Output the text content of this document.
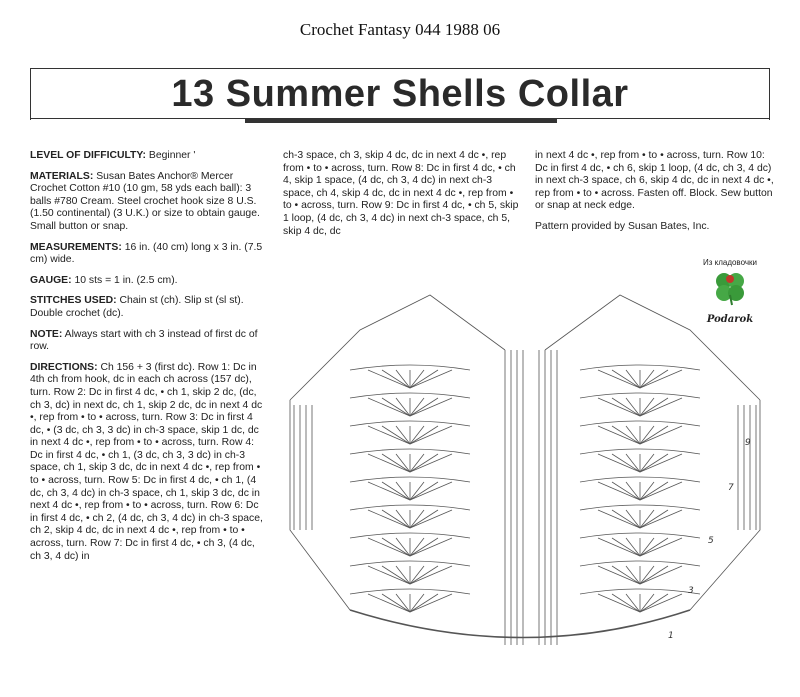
Crochet Fantasy 044 1988 06
13 Summer Shells Collar

LEVEL OF DIFFICULTY: Beginner '

MATERIALS: Susan Bates Anchor® Mercer Crochet Cotton #10 (10 gm, 58 yds each ball): 3 balls #780 Cream. Steel crochet hook size 8 U.S. (1.50 continental) (3 U.K.) or size to obtain gauge. Small button or snap.

MEASUREMENTS: 16 in. (40 cm) long x 3 in. (7.5 cm) wide.

GAUGE: 10 sts = 1 in. (2.5 cm).

STITCHES USED: Chain st (ch). Slip st (sl st). Double crochet (dc).

NOTE: Always start with ch 3 instead of first dc of row.

DIRECTIONS: Ch 156 + 3 (first dc). Row 1: Dc in 4th ch from hook, dc in each ch across (157 dc), turn. Row 2: Dc in first 4 dc, • ch 1, skip 2 dc, (dc, ch 3, dc) in next dc, ch 1, skip 2 dc, dc in next 4 dc •, rep from • to • across, turn. Row 3: Dc in first 4 dc, • (3 dc, ch 3, 3 dc) in ch-3 space, skip 1 dc, dc in next 4 dc •, rep from • to • across, turn. Row 4: Dc in first 4 dc, • ch 1, (3 dc, ch 3, 3 dc) in ch-3 space, ch 1, skip 3 dc, dc in next 4 dc •, rep from • to • across, turn. Row 5: Dc in first 4 dc, • ch 1, (4 dc, ch 3, 4 dc) in ch-3 space, ch 1, skip 3 dc, dc in next 4 dc •, rep from • to • across, turn. Row 6: Dc in first 4 dc, • ch 2, (4 dc, ch 3, 4 dc) in ch-3 space, ch 2, skip 4 dc, dc in next 4 dc •, rep from • to • across, turn. Row 7: Dc in first 4 dc, • ch 3, (4 dc, ch 3, 4 dc) in

ch-3 space, ch 3, skip 4 dc, dc in next 4 dc •, rep from • to • across, turn. Row 8: Dc in first 4 dc, • ch 4, skip 1 space, (4 dc, ch 3, 4 dc) in next ch-3 space, ch 4, skip 4 dc, dc in next 4 dc •, rep from • to • across, turn. Row 9: Dc in first 4 dc, • ch 5, skip 1 loop, (4 dc, ch 3, 4 dc) in next ch-3 space, ch 5, skip 4 dc, dc

in next 4 dc •, rep from • to • across, turn. Row 10: Dc in first 4 dc, • ch 6, skip 1 loop, (4 dc, ch 3, 4 dc) in next ch-3 space, ch 6, skip 4 dc, dc in next 4 dc •, rep from • to • across. Fasten off. Block. Sew button or snap at neck edge.

Pattern provided by Susan Bates, Inc.

Из кладовочки
Podarok
1
3
5
7
9
